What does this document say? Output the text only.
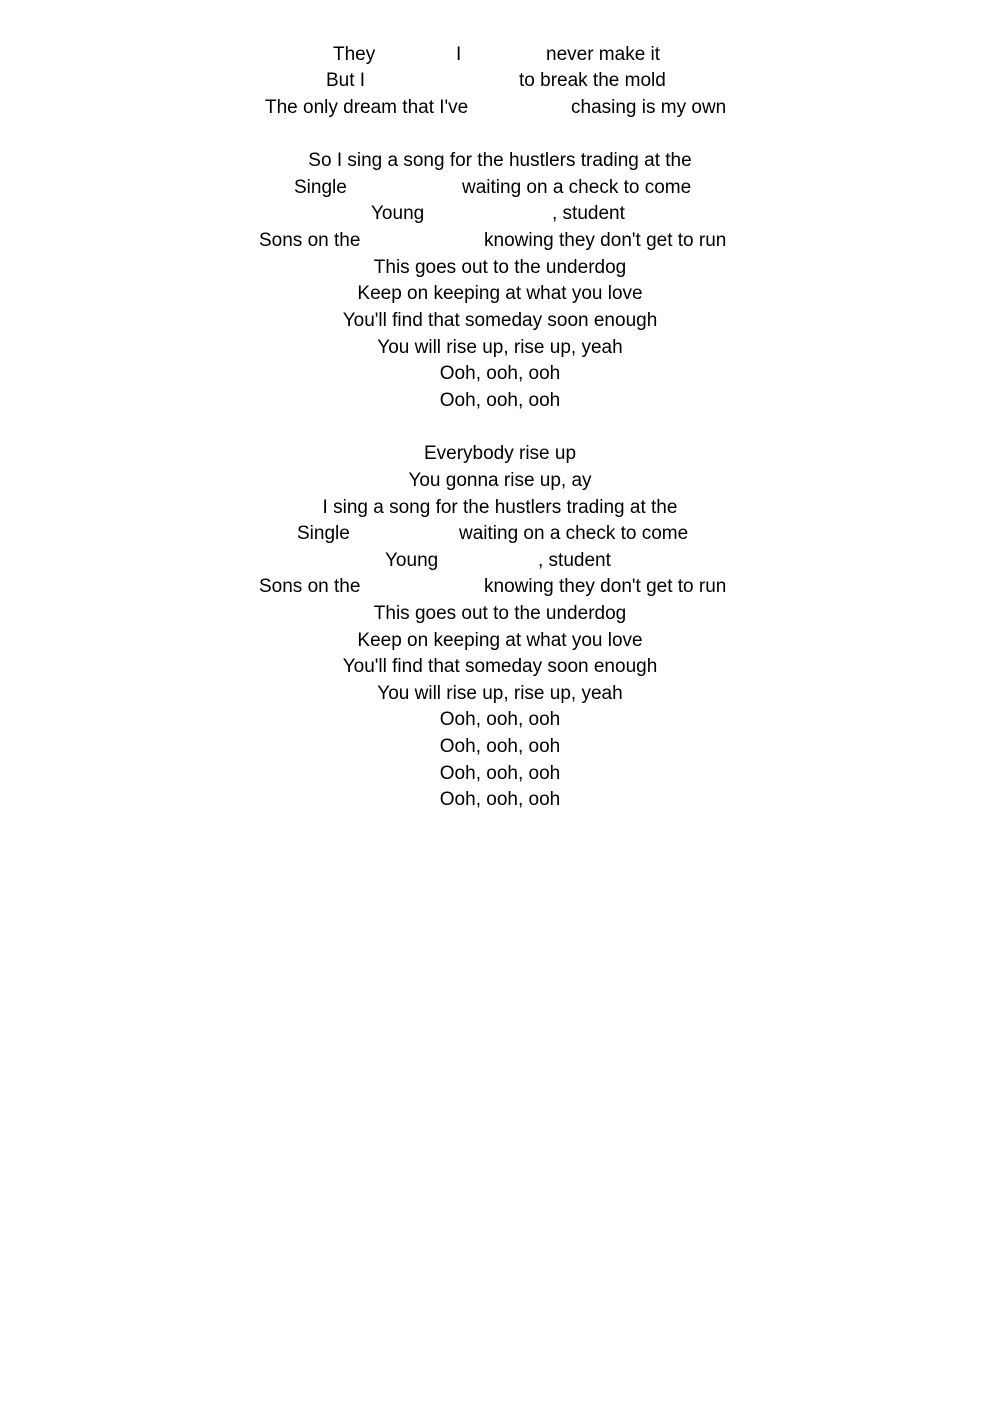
They	I	never make it
But I	to break the mold
The only dream that I've	chasing is my own
So I sing a song for the hustlers trading at the
Single	waiting on a check to come
Young	, student
Sons on the	knowing they don't get to run
This goes out to the underdog
Keep on keeping at what you love
You'll find that someday soon enough
You will rise up, rise up, yeah
Ooh, ooh, ooh
Ooh, ooh, ooh
Everybody rise up
You gonna rise up, ay
I sing a song for the hustlers trading at the
Single	waiting on a check to come
Young	, student
Sons on the	knowing they don't get to run
This goes out to the underdog
Keep on keeping at what you love
You'll find that someday soon enough
You will rise up, rise up, yeah
Ooh, ooh, ooh
Ooh, ooh, ooh
Ooh, ooh, ooh
Ooh, ooh, ooh
